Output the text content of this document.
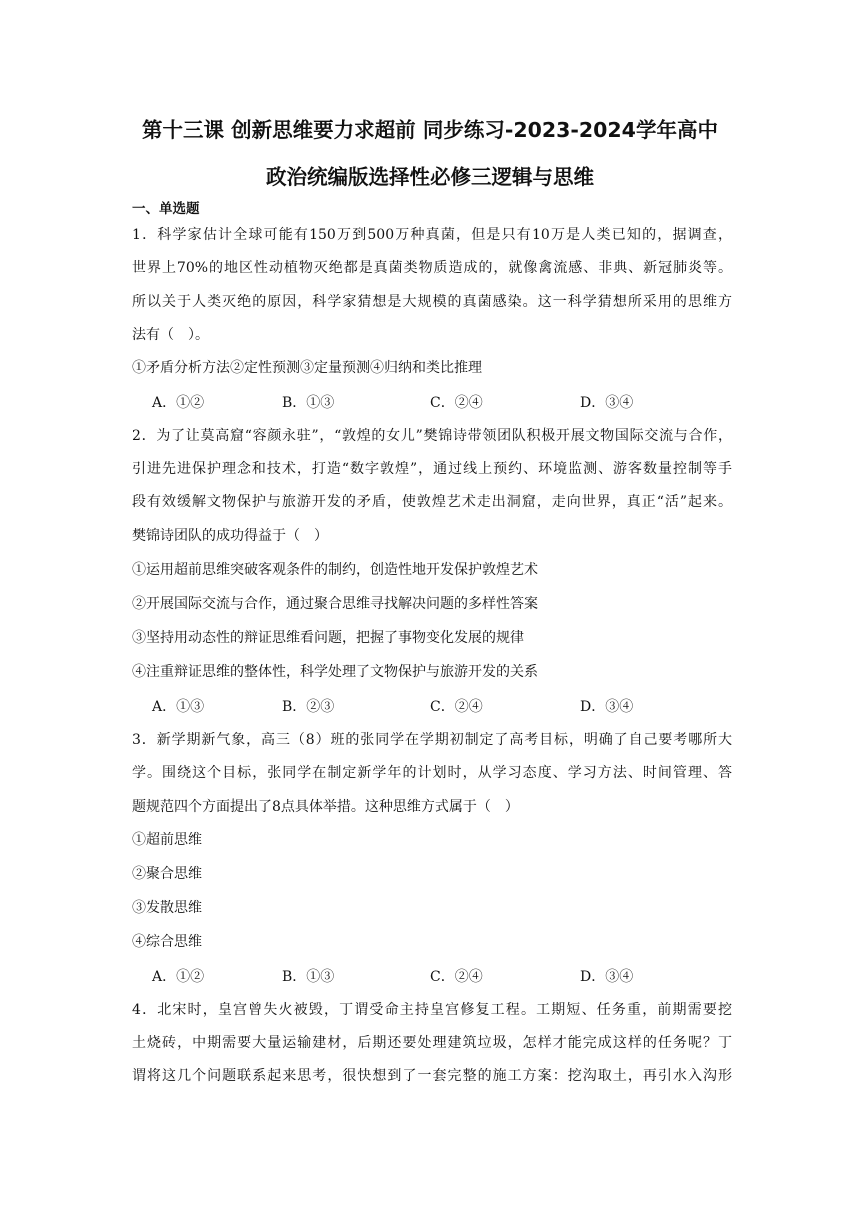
第十三课 创新思维要力求超前 同步练习-2023-2024学年高中
政治统编版选择性必修三逻辑与思维
一、单选题
1．科学家估计全球可能有150万到500万种真菌，但是只有10万是人类已知的，据调查，
世界上70%的地区性动植物灭绝都是真菌类物质造成的，就像禽流感、非典、新冠肺炎等。
所以关于人类灭绝的原因，科学家猜想是大规模的真菌感染。这一科学猜想所采用的思维方
法有（　）。
①矛盾分析方法②定性预测③定量预测④归纳和类比推理
A．①②	B．①③	C．②④	D．③④
2．为了让莫高窟“容颜永驻”，“敦煌的女儿”樊锦诗带领团队积极开展文物国际交流与合作，
引进先进保护理念和技术，打造“数字敦煌”，通过线上预约、环境监测、游客数量控制等手
段有效缓解文物保护与旅游开发的矛盾，使敦煌艺术走出洞窟，走向世界，真正“活”起来。
樊锦诗团队的成功得益于（　）
①运用超前思维突破客观条件的制约，创造性地开发保护敦煌艺术
②开展国际交流与合作，通过聚合思维寻找解决问题的多样性答案
③坚持用动态性的辩证思维看问题，把握了事物变化发展的规律
④注重辩证思维的整体性，科学处理了文物保护与旅游开发的关系
A．①③	B．②③	C．②④	D．③④
3．新学期新气象，高三（8）班的张同学在学期初制定了高考目标，明确了自己要考哪所大
学。围绕这个目标，张同学在制定新学年的计划时，从学习态度、学习方法、时间管理、答
题规范四个方面提出了8点具体举措。这种思维方式属于（　）
①超前思维
②聚合思维
③发散思维
④综合思维
A．①②	B．①③	C．②④	D．③④
4．北宋时，皇宫曾失火被毁，丁谓受命主持皇宫修复工程。工期短、任务重，前期需要挖
土烧砖，中期需要大量运输建材，后期还要处理建筑垃圾，怎样才能完成这样的任务呢？丁
谓将这几个问题联系起来思考，很快想到了一套完整的施工方案：挖沟取土，再引水入沟形
